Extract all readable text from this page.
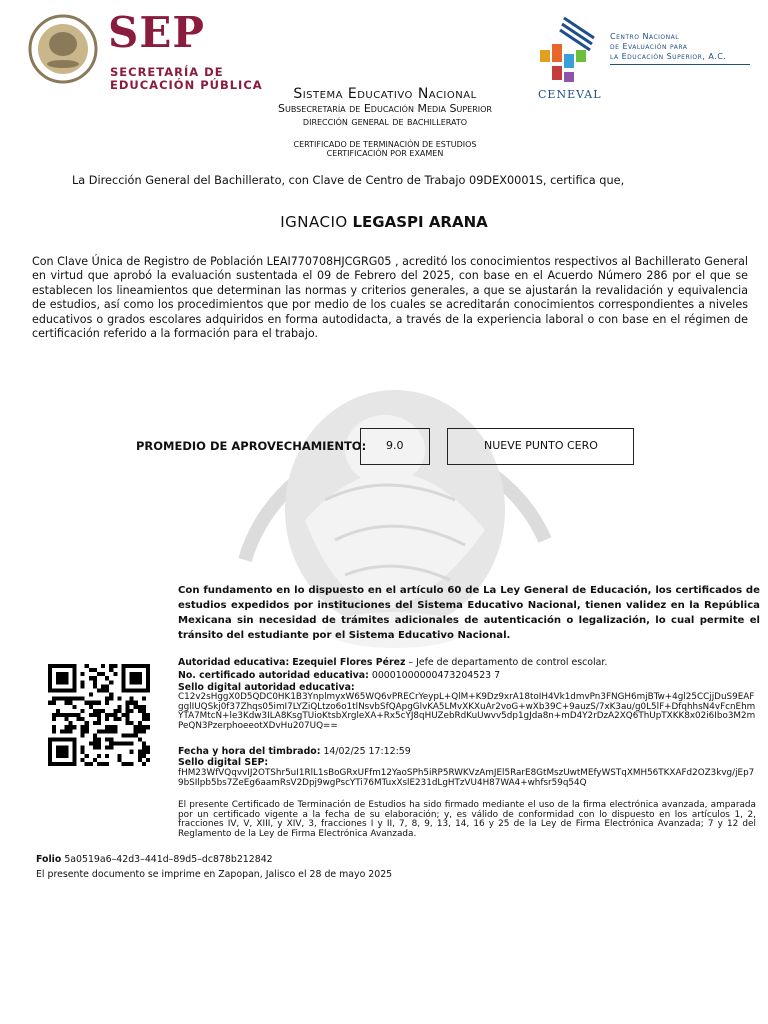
SEP
SECRETARÍA DE
EDUCACIÓN PÚBLICA
CENEVAL
Centro Nacional
de Evaluación para
la Educación Superior, A.C.
Sistema Educativo Nacional
Subsecretaría de Educación Media Superior dirección general de bachillerato
CERTIFICADO DE TERMINACIÓN DE ESTUDIOS
CERTIFICACIÓN POR EXAMEN
La Dirección General del Bachillerato, con Clave de Centro de Trabajo 09DEX0001S, certifica que,
IGNACIO LEGASPI ARANA
Con Clave Única de Registro de Población LEAI770708HJCGRG05 , acreditó los conocimientos respectivos al Bachillerato General en virtud que aprobó la evaluación sustentada el 09 de Febrero del 2025, con base en el Acuerdo Número 286 por el que se establecen los lineamientos que determinan las normas y criterios generales, a que se ajustarán la revalidación y equivalencia de estudios, así como los procedimientos que por medio de los cuales se acreditarán conocimientos correspondientes a niveles educativos o grados escolares adquiridos en forma autodidacta, a través de la experiencia laboral o con base en el régimen de certificación referido a la formación para el trabajo.
PROMEDIO DE APROVECHAMIENTO:	9.0	NUEVE PUNTO CERO
Con fundamento en lo dispuesto en el artículo 60 de La Ley General de Educación, los certificados de estudios expedidos por instituciones del Sistema Educativo Nacional, tienen validez en la República Mexicana sin necesidad de trámites adicionales de autenticación o legalización, lo cual permite el tránsito del estudiante por el Sistema Educativo Nacional.
Autoridad educativa: Ezequiel Flores Pérez – Jefe de departamento de control escolar.
No. certificado autoridad educativa: 00001000000473204523 7
Sello digital autoridad educativa:
C12v2sHggX0D5QDC0HK1B3YnplmyxW65WQ6vPRECrYeypL+QlM+K9Dz9xrA18toIH4Vk1dmvPn3FNGH6mjBTw+4gl25CCjjDuS9EAFgglIUQSkj0f37Zhqs05imI7LYZiQLtzo6o1tlNsvbSfQApgGlvKA5LMvXKXuAr2voG+wXb39C+9auzS/7xK3au/g0L5lF+DfqhhsN4vFcnEhmYTA7MtcN+le3Kdw3ILA8KsgTUioKtsbXrgleXA+Rx5cYJ8qHUZebRdKuUwvv5dp1gJda8n+mD4Y2rDzA2XQ6ThUpTXKK8x02i6Ibo3M2mPeQN3PzerphoeeotXDvHu207UQ==
Fecha y hora del timbrado: 14/02/25 17:12:59
Sello digital SEP:
fHM23WfVQqvvIJ2OTShr5uI1RlL1sBoGRxUFfm12YaoSPh5iRP5RWKVzAmJEl5RarE8GtMszUwtMEfyWSTqXMH56TKXAFd2OZ3kvg/jEp79bSIlpb5bs7ZeEg6aamRsV2Dpj9wgPscYTi76MTuxXslE231dLgHTzVU4H87WA4+whfsr59q54Q
El presente Certificado de Terminación de Estudios ha sido firmado mediante el uso de la firma electrónica avanzada, amparada por un certificado vigente a la fecha de su elaboración; y, es válido de conformidad con lo dispuesto en los artículos 1, 2, fracciones IV, V, XIII, y XIV, 3, fracciones I y II, 7, 8, 9, 13, 14, 16 y 25 de la Ley de Firma Electrónica Avanzada; 7 y 12 del Reglamento de la Ley de Firma Electrónica Avanzada.
Folio 5a0519a6–42d3–441d–89d5–dc878b212842
El presente documento se imprime en Zapopan, Jalisco el 28 de mayo 2025
